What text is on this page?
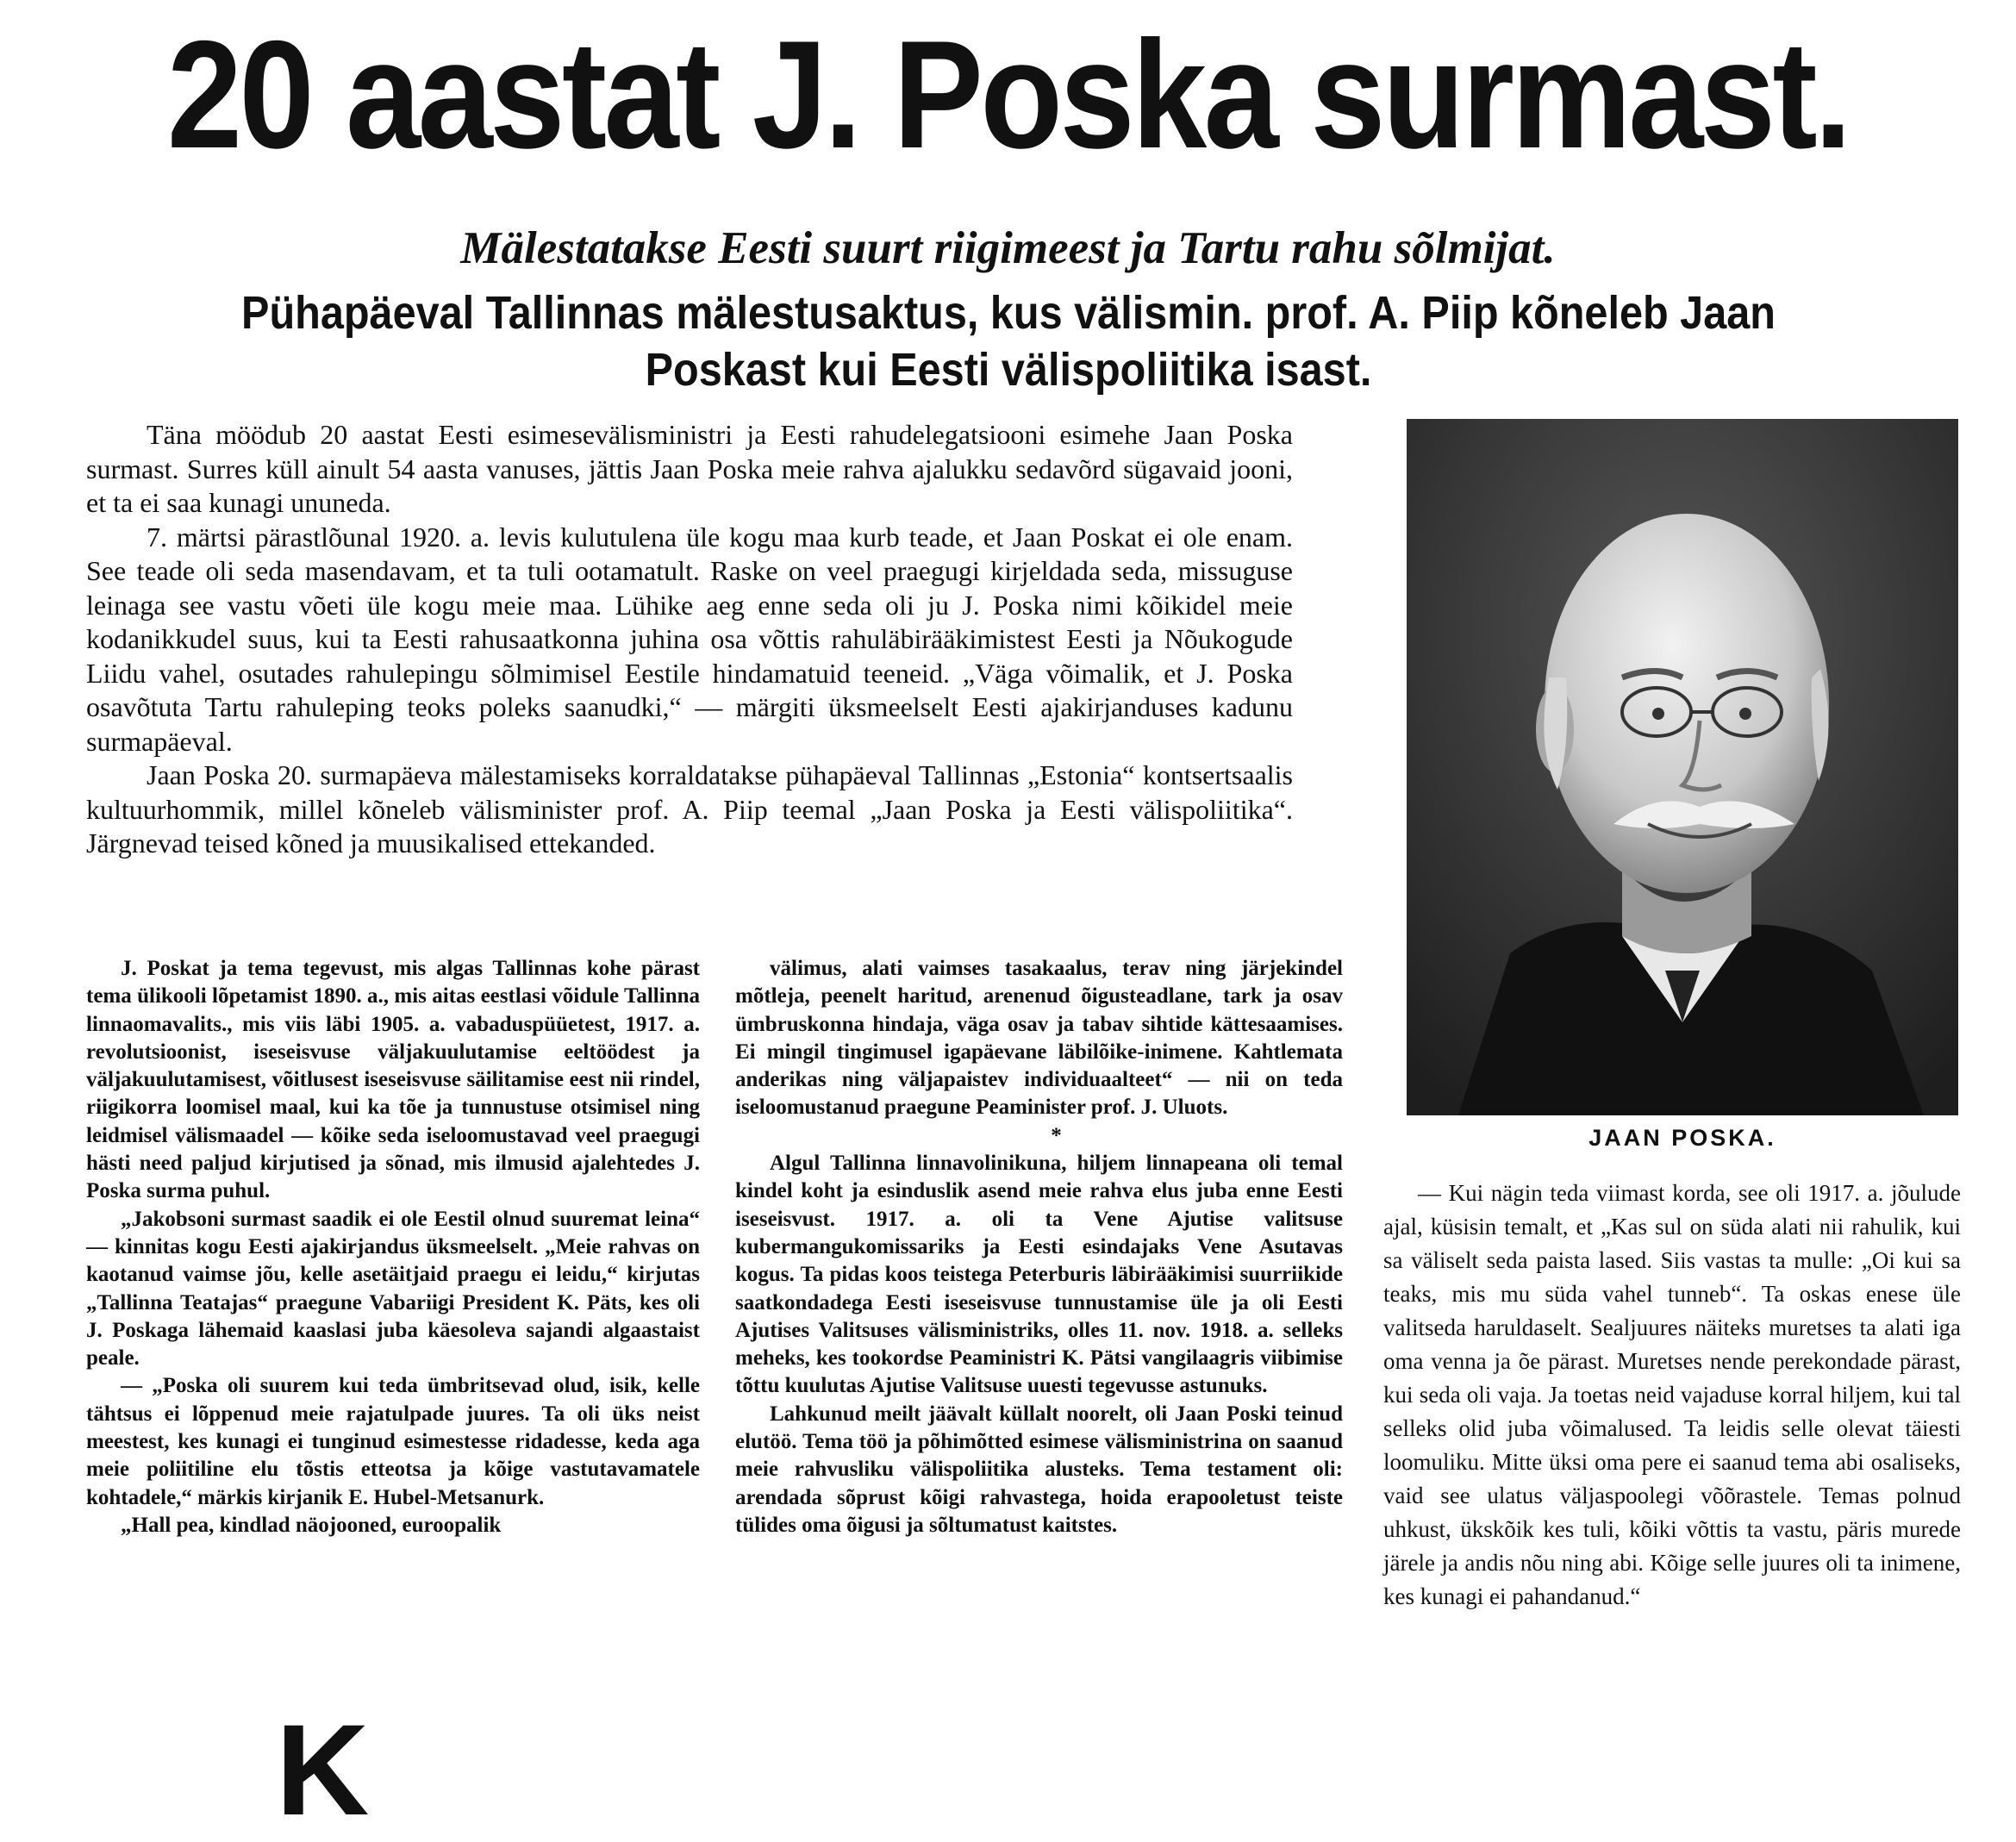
20 aastat J. Poska surmast.
Mälestatakse Eesti suurt riigimeest ja Tartu rahu sõlmijat.
Pühapäeval Tallinnas mälestusaktus, kus välismin. prof. A. Piip kõneleb Jaan Poskast kui Eesti välispoliitika isast.

Täna möödub 20 aastat Eesti esimesevälisministri ja Eesti rahudelegatsiooni esimehe Jaan Poska surmast. Surres küll ainult 54 aasta vanuses, jättis Jaan Poska meie rahva ajalukku sedavõrd sügavaid jooni, et ta ei saa kunagi ununeda.

7. märtsi pärastlõunal 1920. a. levis kulutulena üle kogu maa kurb teade, et Jaan Poskat ei ole enam. See teade oli seda masendavam, et ta tuli ootamatult. Raske on veel praegugi kirjeldada seda, missuguse leinaga see vastu võeti üle kogu meie maa. Lühike aeg enne seda oli ju J. Poska nimi kõikidel meie kodanikkudel suus, kui ta Eesti rahusaatkonna juhina osa võttis rahuläbirääkimistest Eesti ja Nõukogude Liidu vahel, osutades rahulepingu sõlmimisel Eestile hindamatuid teeneid. „Väga võimalik, et J. Poska osavõtuta Tartu rahuleping teoks poleks saanudki,“ — märgiti üksmeelselt Eesti ajakirjanduses kadunu surmapäeval.

Jaan Poska 20. surmapäeva mälestamiseks korraldatakse pühapäeval Tallinnas „Estonia“ kontsertsaalis kultuurhommik, millel kõneleb välisminister prof. A. Piip teemal „Jaan Poska ja Eesti välispoliitika“. Järgnevad teised kõned ja muusikalised ettekanded.

J. Poskat ja tema tegevust, mis algas Tallinnas kohe pärast tema ülikooli lõpetamist 1890. a., mis aitas eestlasi võidule Tallinna linnaomavalits., mis viis läbi 1905. a. vabaduspüüetest, 1917. a. revolutsioonist, iseseisvuse väljakuulutamise eeltöödest ja väljakuulutamisest, võitlusest iseseisvuse säilitamise eest nii rindel, riigikorra loomisel maal, kui ka tõe ja tunnustuse otsimisel ning leidmisel välismaadel — kõike seda iseloomustavad veel praegugi hästi need paljud kirjutised ja sõnad, mis ilmusid ajalehtedes J. Poska surma puhul.

„Jakobsoni surmast saadik ei ole Eestil olnud suuremat leina“ — kinnitas kogu Eesti ajakirjandus üksmeelselt. „Meie rahvas on kaotanud vaimse jõu, kelle asetäitjaid praegu ei leidu,“ kirjutas „Tallinna Teatajas“ praegune Vabariigi President K. Päts, kes oli J. Poskaga lähemaid kaaslasi juba käesoleva sajandi algaastaist peale.

— „Poska oli suurem kui teda ümbritsevad olud, isik, kelle tähtsus ei lõppenud meie rajatulpade juures. Ta oli üks neist meestest, kes kunagi ei tunginud esimestesse ridadesse, keda aga meie poliitiline elu tõstis etteotsa ja kõige vastutavamatele kohtadele,“ märkis kirjanik E. Hubel-Metsanurk.

„Hall pea, kindlad näojooned, euroopalik

välimus, alati vaimses tasakaalus, terav ning järjekindel mõtleja, peenelt haritud, arenenud õigusteadlane, tark ja osav ümbruskonna hindaja, väga osav ja tabav sihtide kättesaamises. Ei mingil tingimusel igapäevane läbilõike-inimene. Kahtlemata anderikas ning väljapaistev individuaalteet“ — nii on teda iseloomustanud praegune Peaminister prof. J. Uluots.

*

Algul Tallinna linnavolinikuna, hiljem linnapeana oli temal kindel koht ja esinduslik asend meie rahva elus juba enne Eesti iseseisvust. 1917. a. oli ta Vene Ajutise valitsuse kubermangukomissariks ja Eesti esindajaks Vene Asutavas kogus. Ta pidas koos teistega Peterburis läbirääkimisi suurriikide saatkondadega Eesti iseseisvuse tunnustamise üle ja oli Eesti Ajutises Valitsuses välisministriks, olles 11. nov. 1918. a. selleks meheks, kes tookordse Peaministri K. Pätsi vangilaagris viibimise tõttu kuulutas Ajutise Valitsuse uuesti tegevusse astunuks.

Lahkunud meilt jäävalt küllalt noorelt, oli Jaan Poski teinud elutöö. Tema töö ja põhimõtted esimese välisministrina on saanud meie rahvusliku välispoliitika alusteks. Tema testament oli: arendada sõprust kõigi rahvastega, hoida erapooletust teiste tülides oma õigusi ja sõltumatust kaitstes.

JAAN POSKA.

— Kui nägin teda viimast korda, see oli 1917. a. jõulude ajal, küsisin temalt, et „Kas sul on süda alati nii rahulik, kui sa väliselt seda paista lased. Siis vastas ta mulle: „Oi kui sa teaks, mis mu süda vahel tunneb“. Ta oskas enese üle valitseda haruldaselt. Sealjuures näiteks muretses ta alati iga oma venna ja õe pärast. Muretses nende perekondade pärast, kui seda oli vaja. Ja toetas neid vajaduse korral hiljem, kui tal selleks olid juba võimalused. Ta leidis selle olevat täiesti loomuliku. Mitte üksi oma pere ei saanud tema abi osaliseks, vaid see ulatus väljaspoolegi võõrastele. Temas polnud uhkust, ükskõik kes tuli, kõiki võttis ta vastu, päris murede järele ja andis nõu ning abi. Kõige selle juures oli ta inimene, kes kunagi ei pahandanud.“

K
